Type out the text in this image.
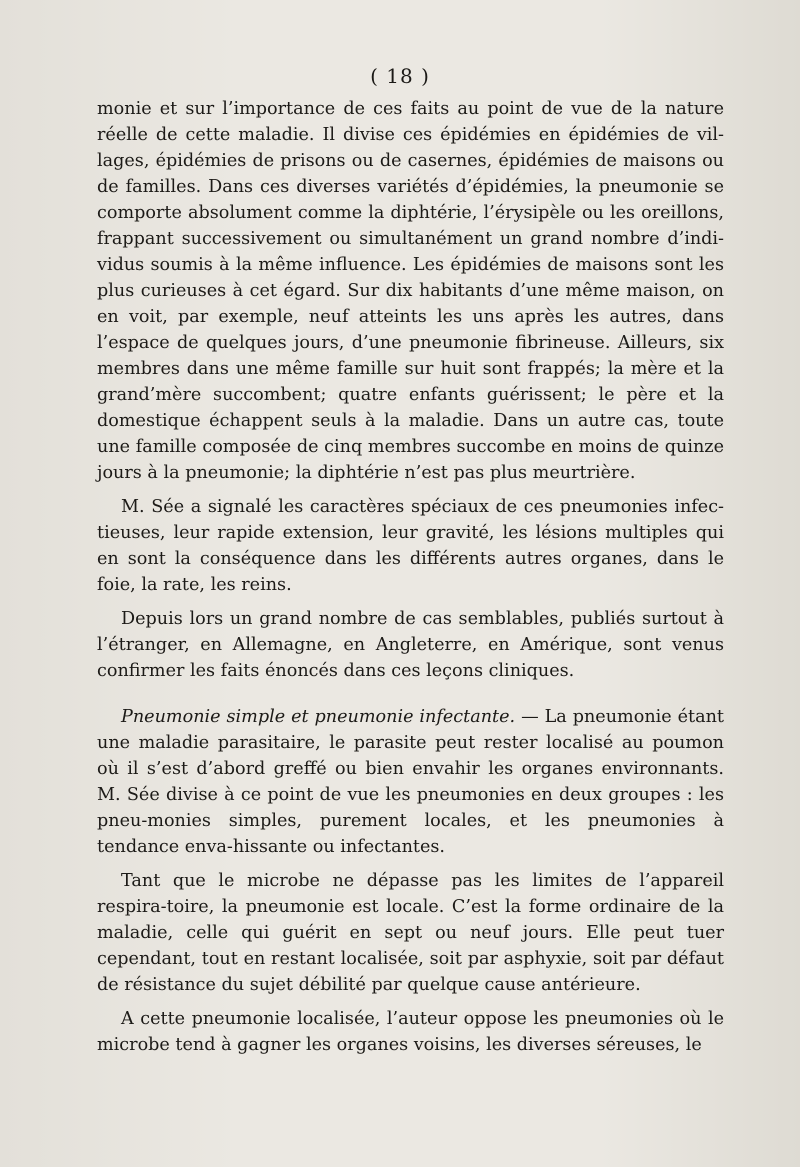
( 18 )

monie et sur l’importance de ces faits au point de vue de la nature réelle de cette maladie. Il divise ces épidémies en épidémies de vil-lages, épidémies de prisons ou de casernes, épidémies de maisons ou de familles. Dans ces diverses variétés d’épidémies, la pneumonie se comporte absolument comme la diphtérie, l’érysipèle ou les oreillons, frappant successivement ou simultanément un grand nombre d’indi-vidus soumis à la même influence. Les épidémies de maisons sont les plus curieuses à cet égard. Sur dix habitants d’une même maison, on en voit, par exemple, neuf atteints les uns après les autres, dans l’espace de quelques jours, d’une pneumonie fibrineuse. Ailleurs, six membres dans une même famille sur huit sont frappés; la mère et la grand’mère succombent; quatre enfants guérissent; le père et la domestique échappent seuls à la maladie. Dans un autre cas, toute une famille composée de cinq membres succombe en moins de quinze jours à la pneumonie; la diphtérie n’est pas plus meurtrière.

M. Sée a signalé les caractères spéciaux de ces pneumonies infec-tieuses, leur rapide extension, leur gravité, les lésions multiples qui en sont la conséquence dans les différents autres organes, dans le foie, la rate, les reins.

Depuis lors un grand nombre de cas semblables, publiés surtout à l’étranger, en Allemagne, en Angleterre, en Amérique, sont venus confirmer les faits énoncés dans ces leçons cliniques.

Pneumonie simple et pneumonie infectante. — La pneumonie étant une maladie parasitaire, le parasite peut rester localisé au poumon où il s’est d’abord greffé ou bien envahir les organes environnants. M. Sée divise à ce point de vue les pneumonies en deux groupes : les pneu-monies simples, purement locales, et les pneumonies à tendance enva-hissante ou infectantes.

Tant que le microbe ne dépasse pas les limites de l’appareil respira-toire, la pneumonie est locale. C’est la forme ordinaire de la maladie, celle qui guérit en sept ou neuf jours. Elle peut tuer cependant, tout en restant localisée, soit par asphyxie, soit par défaut de résistance du sujet débilité par quelque cause antérieure.

A cette pneumonie localisée, l’auteur oppose les pneumonies où le microbe tend à gagner les organes voisins, les diverses séreuses, le
